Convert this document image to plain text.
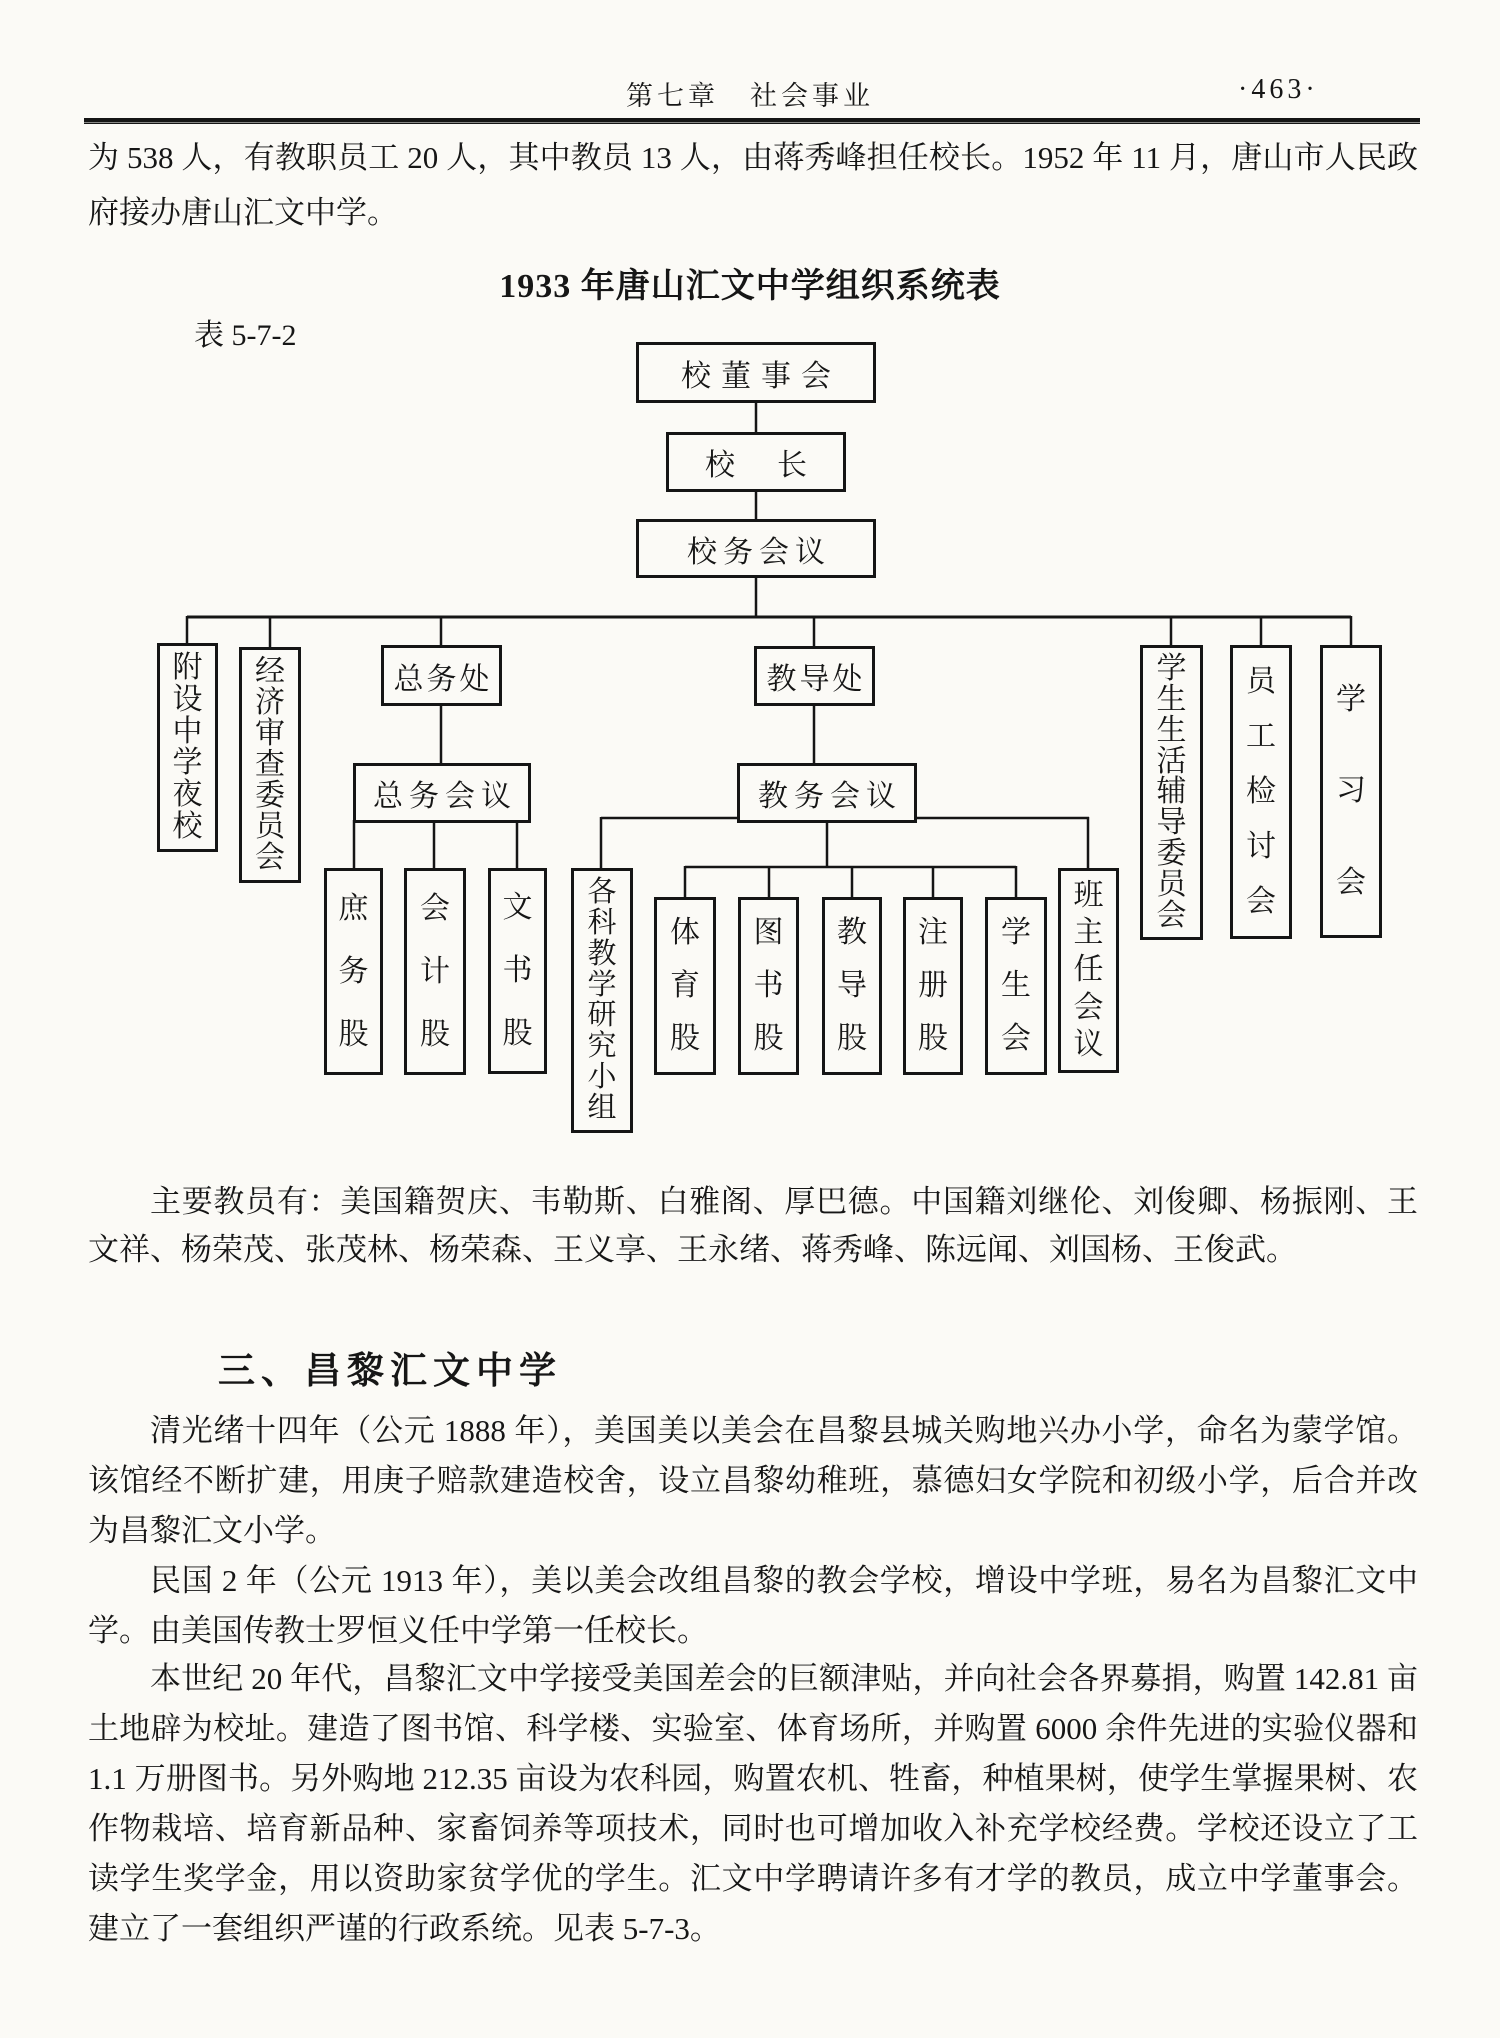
第七章　社会事业	·463·

为 538 人，有教职员工 20 人，其中教员 13 人，由蒋秀峰担任校长。1952 年 11 月，唐山市人民政府接办唐山汇文中学。

1933 年唐山汇文中学组织系统表

表 5-7-2

校董事会
校　长
校务会议
附
设
中
学
夜
校
经
济
审
查
委
员
会
总务处	教导处	学
生
生
活
辅
导
委
员
会
员
工
检
讨
会
学
习
会
总务会议	教务会议
庶
务
股
会
计
股
文
书
股
各
科
教
学
研
究
小
组
体
育
股
图
书
股
教
导
股
注
册
股
学
生
会
班
主
任
会
议

主要教员有：美国籍贺庆、韦勒斯、白雅阁、厚巴德。中国籍刘继伦、刘俊卿、杨振刚、王文祥、杨荣茂、张茂林、杨荣森、王义享、王永绪、蒋秀峰、陈远闻、刘国杨、王俊武。

三、昌黎汇文中学

清光绪十四年（公元 1888 年），美国美以美会在昌黎县城关购地兴办小学，命名为蒙学馆。该馆经不断扩建，用庚子赔款建造校舍，设立昌黎幼稚班，慕德妇女学院和初级小学，后合并改为昌黎汇文小学。

民国 2 年（公元 1913 年），美以美会改组昌黎的教会学校，增设中学班，易名为昌黎汇文中学。由美国传教士罗恒义任中学第一任校长。

本世纪 20 年代，昌黎汇文中学接受美国差会的巨额津贴，并向社会各界募捐，购置 142.81 亩土地辟为校址。建造了图书馆、科学楼、实验室、体育场所，并购置 6000 余件先进的实验仪器和 1.1 万册图书。另外购地 212.35 亩设为农科园，购置农机、牲畜，种植果树，使学生掌握果树、农作物栽培、培育新品种、家畜饲养等项技术，同时也可增加收入补充学校经费。学校还设立了工读学生奖学金，用以资助家贫学优的学生。汇文中学聘请许多有才学的教员，成立中学董事会。建立了一套组织严谨的行政系统。见表 5-7-3。
